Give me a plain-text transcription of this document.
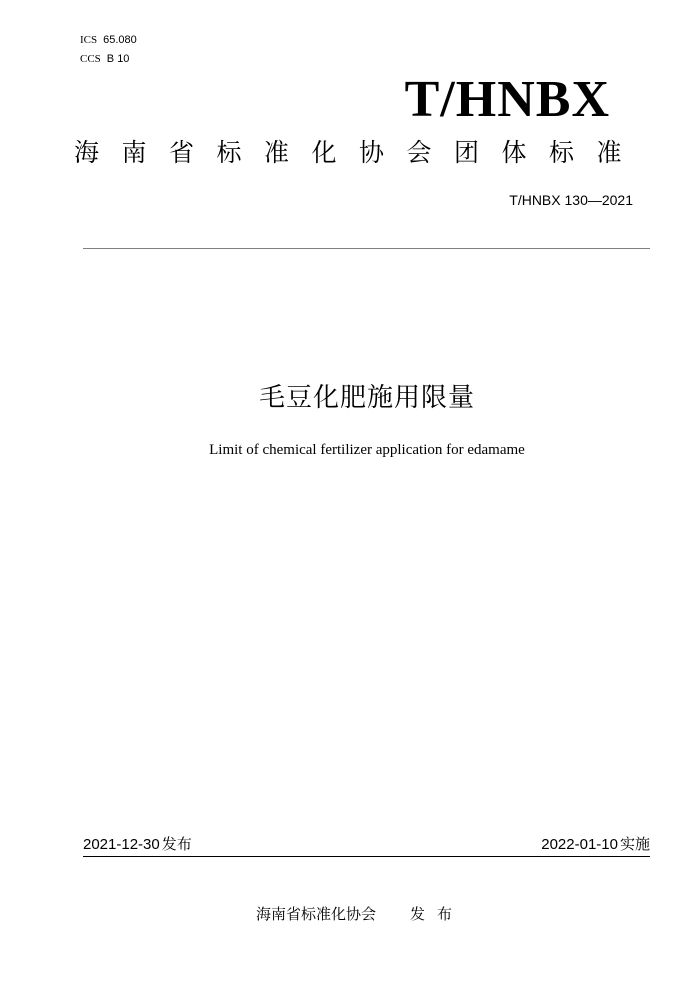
ICS 65.080
CCS B 10
T/HNBX
海南省标准化协会团体标准
T/HNBX 130—2021
毛豆化肥施用限量
Limit of chemical fertilizer application for edamame
2021-12-30 发布	2022-01-10 实施
海南省标准化协会 发布
